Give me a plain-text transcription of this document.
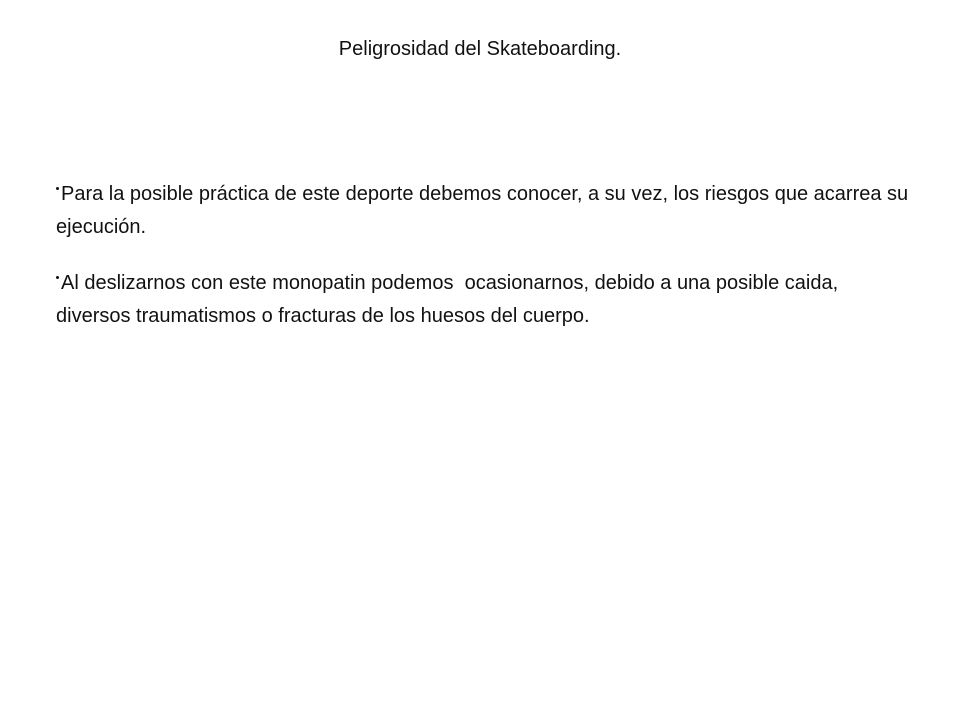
Peligrosidad del Skateboarding.
Para la posible práctica de este deporte debemos conocer, a su vez, los riesgos que acarrea su ejecución.
Al deslizarnos con este monopatin podemos  ocasionarnos, debido a una posible caida, diversos traumatismos o fracturas de los huesos del cuerpo.
